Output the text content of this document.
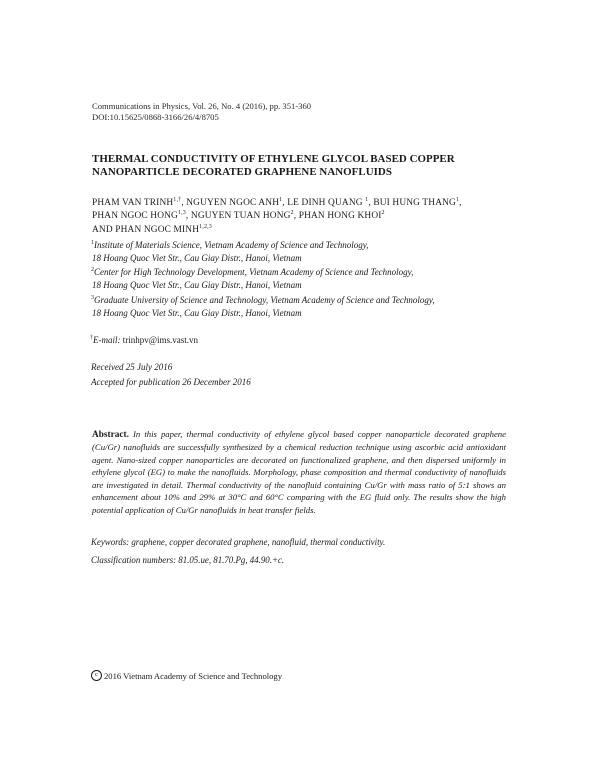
Communications in Physics, Vol. 26, No. 4 (2016), pp. 351-360
DOI:10.15625/0868-3166/26/4/8705
THERMAL CONDUCTIVITY OF ETHYLENE GLYCOL BASED COPPER
NANOPARTICLE DECORATED GRAPHENE NANOFLUIDS
PHAM VAN $TRINH^{1,\dagger}$, NGUYEN NGOC ANH$^1$, LE DINH QUANG $^1$, BUI HUNG THANG$^1$,
PHAN NGOC HONG$^{1,3}$, NGUYEN TUAN HONG$^2$, PHAN HONG KHOI$^2$
AND PHAN NGOC MINH$^{1,2,3}$
$^1$Institute of Materials Science, Vietnam Academy of Science and Technology,
18 Hoang Quoc Viet Str., Cau Giay Distr., Hanoi, Vietnam
$^2$Center for High Technology Development, Vietnam Academy of Science and Technology,
18 Hoang Quoc Viet Str., Cau Giay Distr., Hanoi, Vietnam
$^3$Graduate University of Science and Technology, Vietnam Academy of Science and Technology,
18 Hoang Quoc Viet Str., Cau Giay Distr., Hanoi, Vietnam
†E-mail: trinhpv@ims.vast.vn
Received 25 July 2016
Accepted for publication 26 December 2016
Abstract. In this paper, thermal conductivity of ethylene glycol based copper nanoparticle decorated graphene (Cu/Gr) nanofluids are successfully synthesized by a chemical reduction technique using ascorbic acid antioxidant agent. Nano-sized copper nanoparticles are decorated on functionalized graphene, and then dispersed uniformly in ethylene glycol (EG) to make the nanofluids. Morphology, phase composition and thermal conductivity of nanofluids are investigated in detail. Thermal conductivity of the nanofluid containing Cu/Gr with mass ratio of 5:1 shows an enhancement about 10% and 29% at 30°C and 60°C comparing with the EG fluid only. The results show the high potential application of Cu/Gr nanofluids in heat transfer fields.
Keywords: graphene, copper decorated graphene, nanofluid, thermal conductivity.
Classification numbers: 81.05.ue, 81.70.Pg, 44.90.+c.
c 2016 Vietnam Academy of Science and Technology
